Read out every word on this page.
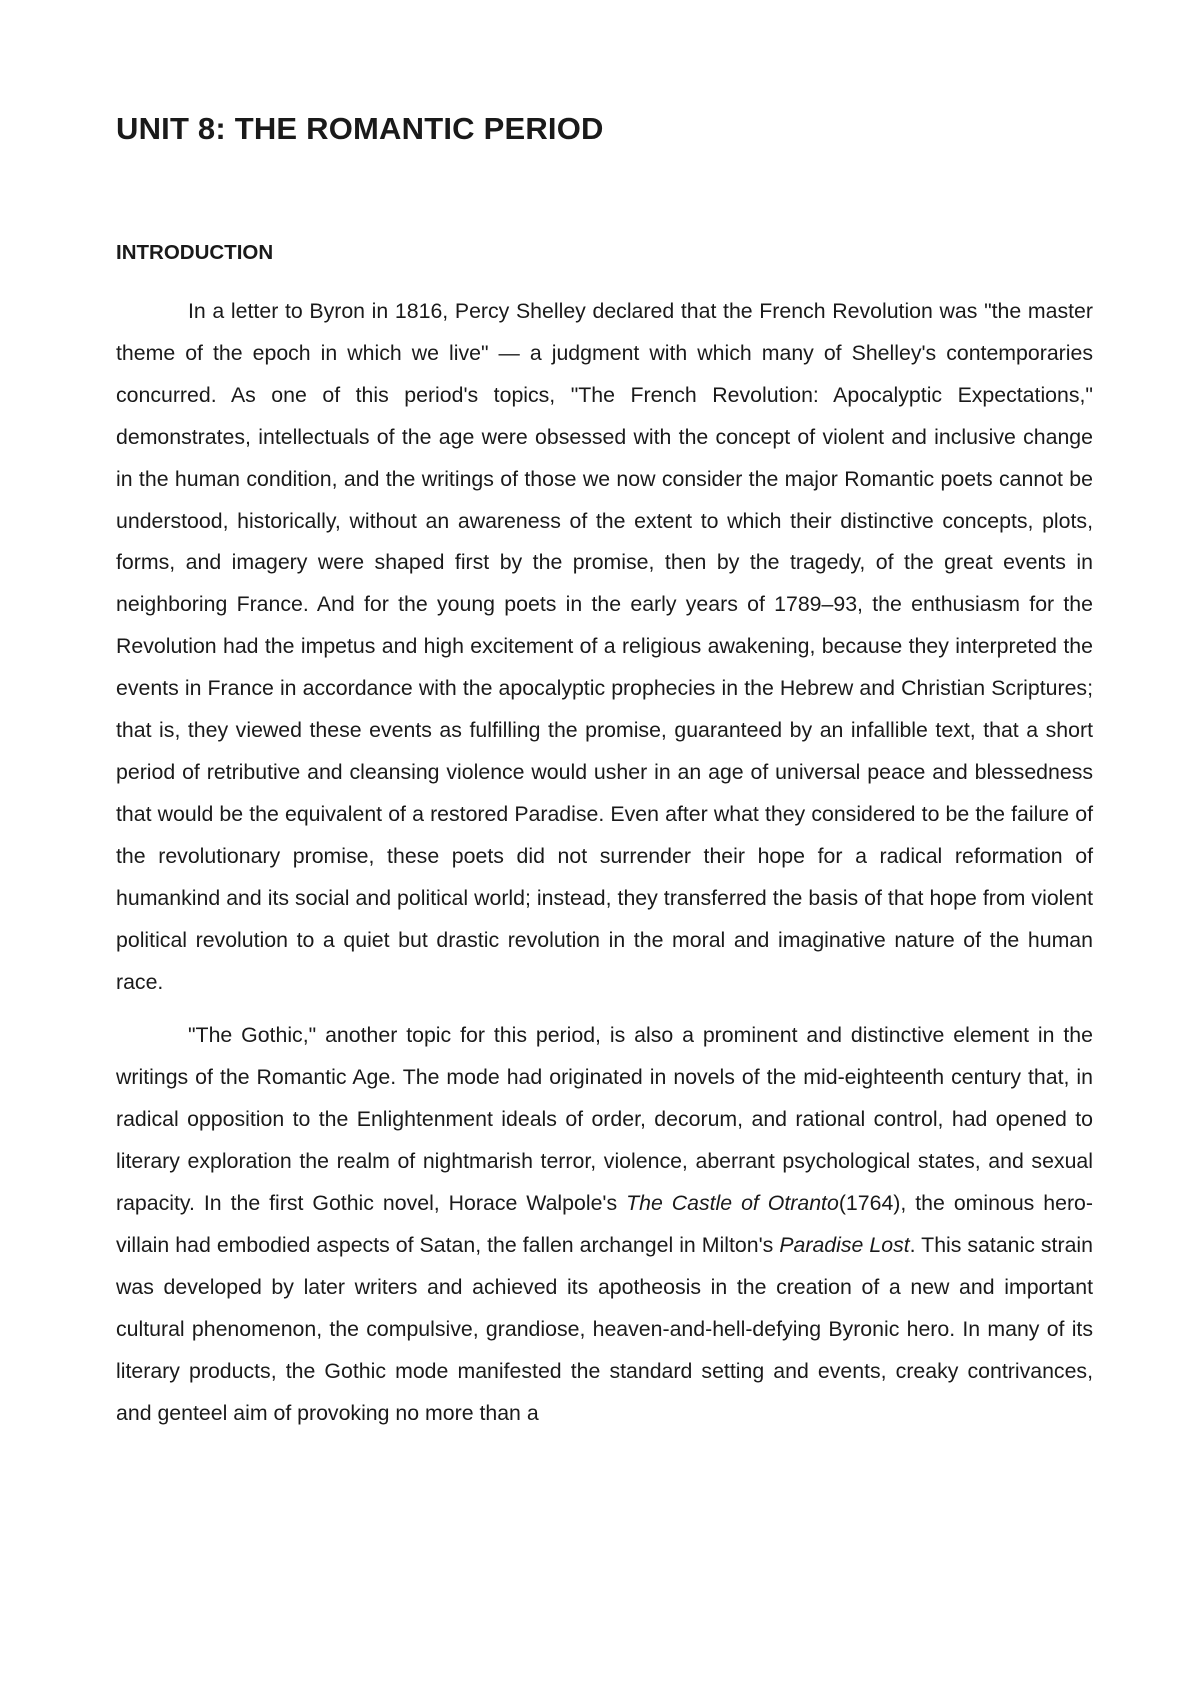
UNIT 8: THE ROMANTIC PERIOD
INTRODUCTION

In a letter to Byron in 1816, Percy Shelley declared that the French Revolution was "the master theme of the epoch in which we live" — a judgment with which many of Shelley's contemporaries concurred. As one of this period's topics, "The French Revolution: Apocalyptic Expectations," demonstrates, intellectuals of the age were obsessed with the concept of violent and inclusive change in the human condition, and the writings of those we now consider the major Romantic poets cannot be understood, historically, without an awareness of the extent to which their distinctive concepts, plots, forms, and imagery were shaped first by the promise, then by the tragedy, of the great events in neighboring France. And for the young poets in the early years of 1789–93, the enthusiasm for the Revolution had the impetus and high excitement of a religious awakening, because they interpreted the events in France in accordance with the apocalyptic prophecies in the Hebrew and Christian Scriptures; that is, they viewed these events as fulfilling the promise, guaranteed by an infallible text, that a short period of retributive and cleansing violence would usher in an age of universal peace and blessedness that would be the equivalent of a restored Paradise. Even after what they considered to be the failure of the revolutionary promise, these poets did not surrender their hope for a radical reformation of humankind and its social and political world; instead, they transferred the basis of that hope from violent political revolution to a quiet but drastic revolution in the moral and imaginative nature of the human race.

"The Gothic," another topic for this period, is also a prominent and distinctive element in the writings of the Romantic Age. The mode had originated in novels of the mid-eighteenth century that, in radical opposition to the Enlightenment ideals of order, decorum, and rational control, had opened to literary exploration the realm of nightmarish terror, violence, aberrant psychological states, and sexual rapacity. In the first Gothic novel, Horace Walpole's The Castle of Otranto(1764), the ominous hero-villain had embodied aspects of Satan, the fallen archangel in Milton's Paradise Lost. This satanic strain was developed by later writers and achieved its apotheosis in the creation of a new and important cultural phenomenon, the compulsive, grandiose, heaven-and-hell-defying Byronic hero. In many of its literary products, the Gothic mode manifested the standard setting and events, creaky contrivances, and genteel aim of provoking no more than a
